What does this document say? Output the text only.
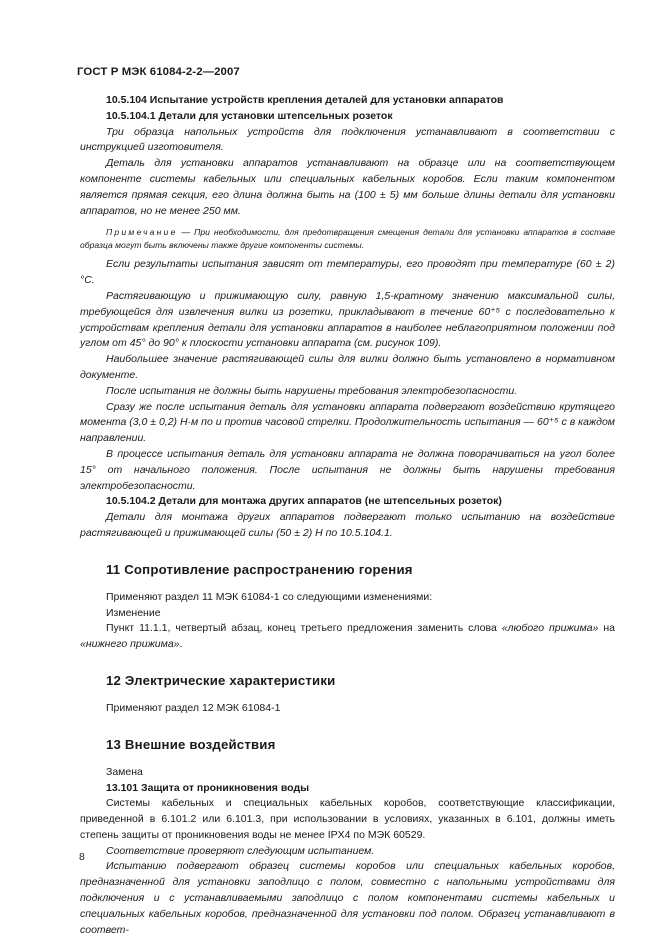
ГОСТ Р МЭК 61084-2-2—2007

10.5.104 Испытание устройств крепления деталей для установки аппаратов

10.5.104.1 Детали для установки штепсельных розеток

Три образца напольных устройств для подключения устанавливают в соответствии с инструкцией изготовителя.

Деталь для установки аппаратов устанавливают на образце или на соответствующем компоненте системы кабельных или специальных кабельных коробов. Если таким компонентом является прямая секция, его длина должна быть на (100 ± 5) мм больше длины детали для установки аппаратов, но не менее 250 мм.

Примечание — При необходимости, для предотвращения смещения детали для установки аппаратов в составе образца могут быть включены также другие компоненты системы.

Если результаты испытания зависят от температуры, его проводят при температуре (60 ± 2) °С.

Растягивающую и прижимающую силу, равную 1,5-кратному значению максимальной силы, требующейся для извлечения вилки из розетки, прикладывают в течение 60⁺⁵ с последовательно к устройствам крепления детали для установки аппаратов в наиболее неблагоприятном положении под углом от 45° до 90° к плоскости установки аппарата (см. рисунок 109).

Наибольшее значение растягивающей силы для вилки должно быть установлено в нормативном документе.

После испытания не должны быть нарушены требования электробезопасности.

Сразу же после испытания деталь для установки аппарата подвергают воздействию крутящего момента (3,0 ± 0,2) Н·м по и против часовой стрелки. Продолжительность испытания — 60⁺⁵ с в каждом направлении.

В процессе испытания деталь для установки аппарата не должна поворачиваться на угол более 15° от начального положения. После испытания не должны быть нарушены требования электробезопасности.

10.5.104.2 Детали для монтажа других аппаратов (не штепсельных розеток)

Детали для монтажа других аппаратов подвергают только испытанию на воздействие растягивающей и прижимающей силы (50 ± 2) Н по 10.5.104.1.

11 Сопротивление распространению горения

Применяют раздел 11 МЭК 61084-1 со следующими изменениями:

Изменение

Пункт 11.1.1, четвертый абзац, конец третьего предложения заменить слова «любого прижима» на «нижнего прижима».

12 Электрические характеристики

Применяют раздел 12 МЭК 61084-1

13 Внешние воздействия

Замена

13.101 Защита от проникновения воды

Системы кабельных и специальных кабельных коробов, соответствующие классификации, приведенной в 6.101.2 или 6.101.3, при использовании в условиях, указанных в 6.101, должны иметь степень защиты от проникновения воды не менее IPX4 по МЭК 60529.

Соответствие проверяют следующим испытанием.

Испытанию подвергают образец системы коробов или специальных кабельных коробов, предназначенной для установки заподлицо с полом, совместно с напольными устройствами для подключения и с устанавливаемыми заподлицо с полом компонентами системы кабельных и специальных кабельных коробов, предназначенной для установки под полом. Образец устанавливают в соответ-

8
